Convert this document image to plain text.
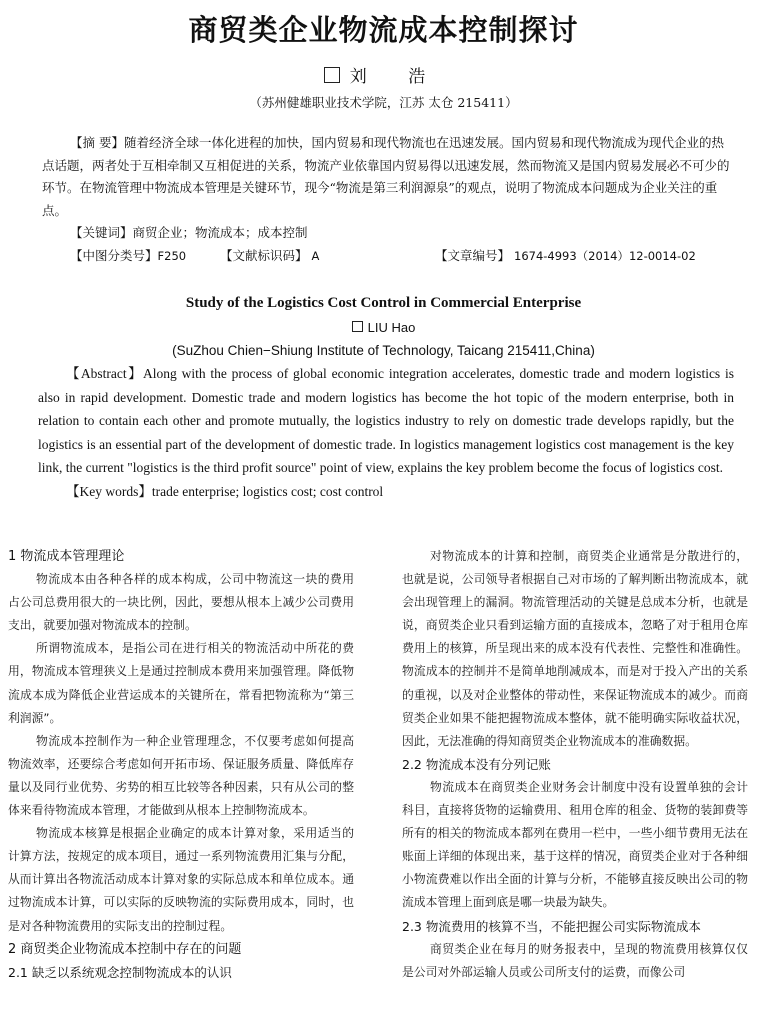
商贸类企业物流成本控制探讨
刘 浩
（苏州健雄职业技术学院，江苏 太仓 215411）

【摘 要】随着经济全球一体化进程的加快，国内贸易和现代物流也在迅速发展。国内贸易和现代物流成为现代企业的热点话题，两者处于互相牵制又互相促进的关系，物流产业依靠国内贸易得以迅速发展，然而物流又是国内贸易发展必不可少的环节。在物流管理中物流成本管理是关键环节，现今“物流是第三利润源泉”的观点，说明了物流成本问题成为企业关注的重点。

【关键词】商贸企业；物流成本；成本控制

【中图分类号】F250	【文献标识码】 A	【文章编号】 1674-4993（2014）12-0014-02

Study of the Logistics Cost Control in Commercial Enterprise
LIU Hao
(SuZhou Chien−Shiung Institute of Technology, Taicang 215411,China)

【Abstract】Along with the process of global economic integration accelerates, domestic trade and modern logistics is also in rapid development. Domestic trade and modern logistics has become the hot topic of the modern enterprise, both in relation to contain each other and promote mutually, the logistics industry to rely on domestic trade develops rapidly, but the logistics is an essential part of the development of domestic trade. In logistics management logistics cost management is the key link, the current "logistics is the third profit source" point of view, explains the key problem become the focus of logistics cost.

【Key words】trade enterprise; logistics cost; cost control

1 物流成本管理理论

物流成本由各种各样的成本构成，公司中物流这一块的费用占公司总费用很大的一块比例，因此，要想从根本上减少公司费用支出，就要加强对物流成本的控制。

所谓物流成本，是指公司在进行相关的物流活动中所花的费用，物流成本管理狭义上是通过控制成本费用来加强管理。降低物流成本成为降低企业营运成本的关键所在，常看把物流称为“第三利润源”。

物流成本控制作为一种企业管理理念，不仅要考虑如何提高物流效率，还要综合考虑如何开拓市场、保证服务质量、降低库存量以及同行业优势、劣势的相互比较等各种因素，只有从公司的整体来看待物流成本管理，才能做到从根本上控制物流成本。

物流成本核算是根据企业确定的成本计算对象，采用适当的计算方法，按规定的成本项目，通过一系列物流费用汇集与分配，从而计算出各物流活动成本计算对象的实际总成本和单位成本。通过物流成本计算，可以实际的反映物流的实际费用成本，同时，也是对各种物流费用的实际支出的控制过程。

2 商贸类企业物流成本控制中存在的问题

2.1 缺乏以系统观念控制物流成本的认识

对物流成本的计算和控制，商贸类企业通常是分散进行的，也就是说，公司领导者根据自己对市场的了解判断出物流成本，就会出现管理上的漏洞。物流管理活动的关键是总成本分析，也就是说，商贸类企业只看到运输方面的直接成本，忽略了对于租用仓库费用上的核算，所呈现出来的成本没有代表性、完整性和准确性。物流成本的控制并不是简单地削减成本，而是对于投入产出的关系的重视，以及对企业整体的带动性，来保证物流成本的减少。而商贸类企业如果不能把握物流成本整体，就不能明确实际收益状况，因此，无法准确的得知商贸类企业物流成本的准确数据。

2.2 物流成本没有分列记账

物流成本在商贸类企业财务会计制度中没有设置单独的会计科目，直接将货物的运输费用、租用仓库的租金、货物的装卸费等所有的相关的物流成本都列在费用一栏中，一些小细节费用无法在账面上详细的体现出来，基于这样的情况，商贸类企业对于各种细小物流费难以作出全面的计算与分析，不能够直接反映出公司的物流成本管理上面到底是哪一块最为缺失。

2.3 物流费用的核算不当，不能把握公司实际物流成本

商贸类企业在每月的财务报表中，呈现的物流费用核算仅仅是公司对外部运输人员或公司所支付的运费，而像公司
